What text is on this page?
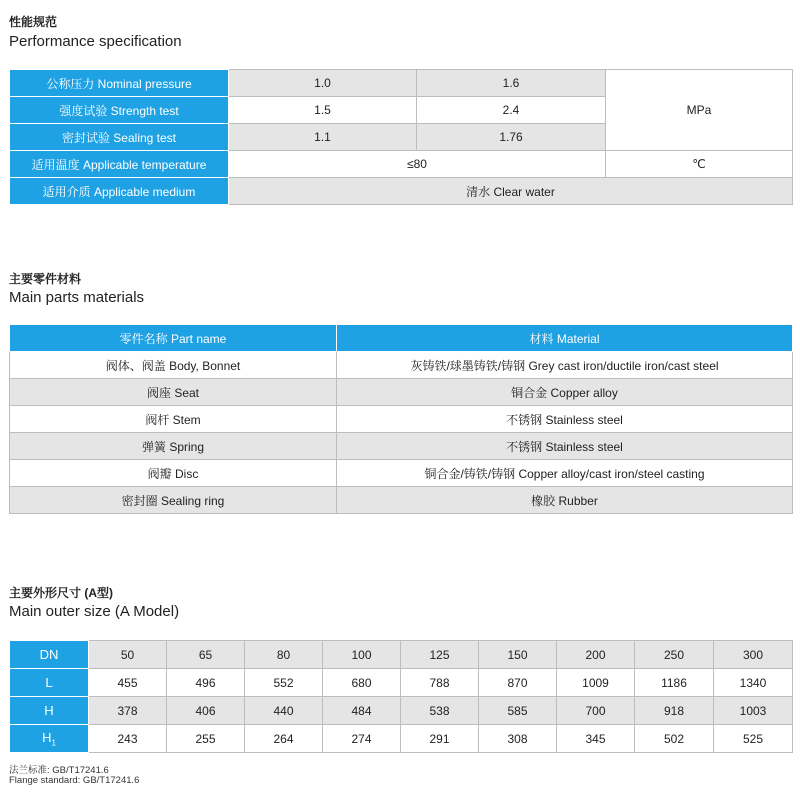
性能规范
Performance specification
公称压力 Nominal pressure	1.0	1.6	MPa
强度试验 Strength test	1.5	2.4	
密封试验 Sealing test	1.1	1.76	
适用温度 Applicable temperature	≤80		℃
适用介质 Applicable medium	清水 Clear water		
主要零件材料
Main parts materials
零件名称 Part name	材料 Material
阀体、阀盖 Body, Bonnet	灰铸铁/球墨铸铁/铸钢 Grey cast iron/ductile iron/cast steel
阀座 Seat	铜合金 Copper alloy
阀杆 Stem	不锈钢 Stainless steel
弹簧 Spring	不锈钢 Stainless steel
阀瓣 Disc	铜合金/铸铁/铸钢 Copper alloy/cast iron/steel casting
密封圈 Sealing ring	橡胶 Rubber
主要外形尺寸 (A型)
Main outer size (A Model)
DN	50	65	80	100	125	150	200	250	300
L	455	496	552	680	788	870	1009	1186	1340
H	378	406	440	484	538	585	700	918	1003
$H_1$	243	255	264	274	291	308	345	502	525
法兰标准: GB/T17241.6
Flange standard: GB/T17241.6
